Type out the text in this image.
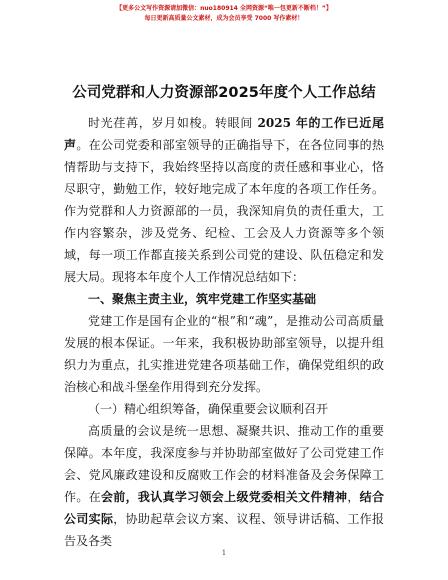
【更多公文写作资源请加微信：nuo180914 全网资源“唯一包更新不断档！”】
每日更新高质量公文素材，成为会员享受 7000 写作素材！
公司党群和人力资源部2025年度个人工作总结

时光荏苒，岁月如梭。转眼间 2025 年的工作已近尾声。在公司党委和部室领导的正确指导下，在各位同事的热情帮助与支持下，我始终坚持以高度的责任感和事业心，恪尽职守，勤勉工作，较好地完成了本年度的各项工作任务。作为党群和人力资源部的一员，我深知肩负的责任重大，工作内容繁杂，涉及党务、纪检、工会及人力资源等多个领域，每一项工作都直接关系到公司党的建设、队伍稳定和发展大局。现将本年度个人工作情况总结如下：

一、聚焦主责主业，筑牢党建工作坚实基础

党建工作是国有企业的“根”和“魂”，是推动公司高质量发展的根本保证。一年来，我积极协助部室领导，以提升组织力为重点，扎实推进党建各项基础工作，确保党组织的政治核心和战斗堡垒作用得到充分发挥。

（一）精心组织筹备，确保重要会议顺利召开

高质量的会议是统一思想、凝聚共识、推动工作的重要保障。本年度，我深度参与并协助部室做好了公司党建工作会、党风廉政建设和反腐败工作会的材料准备及会务保障工作。在会前，我认真学习领会上级党委相关文件精神，结合公司实际，协助起草会议方案、议程、领导讲话稿、工作报告及各类

1
